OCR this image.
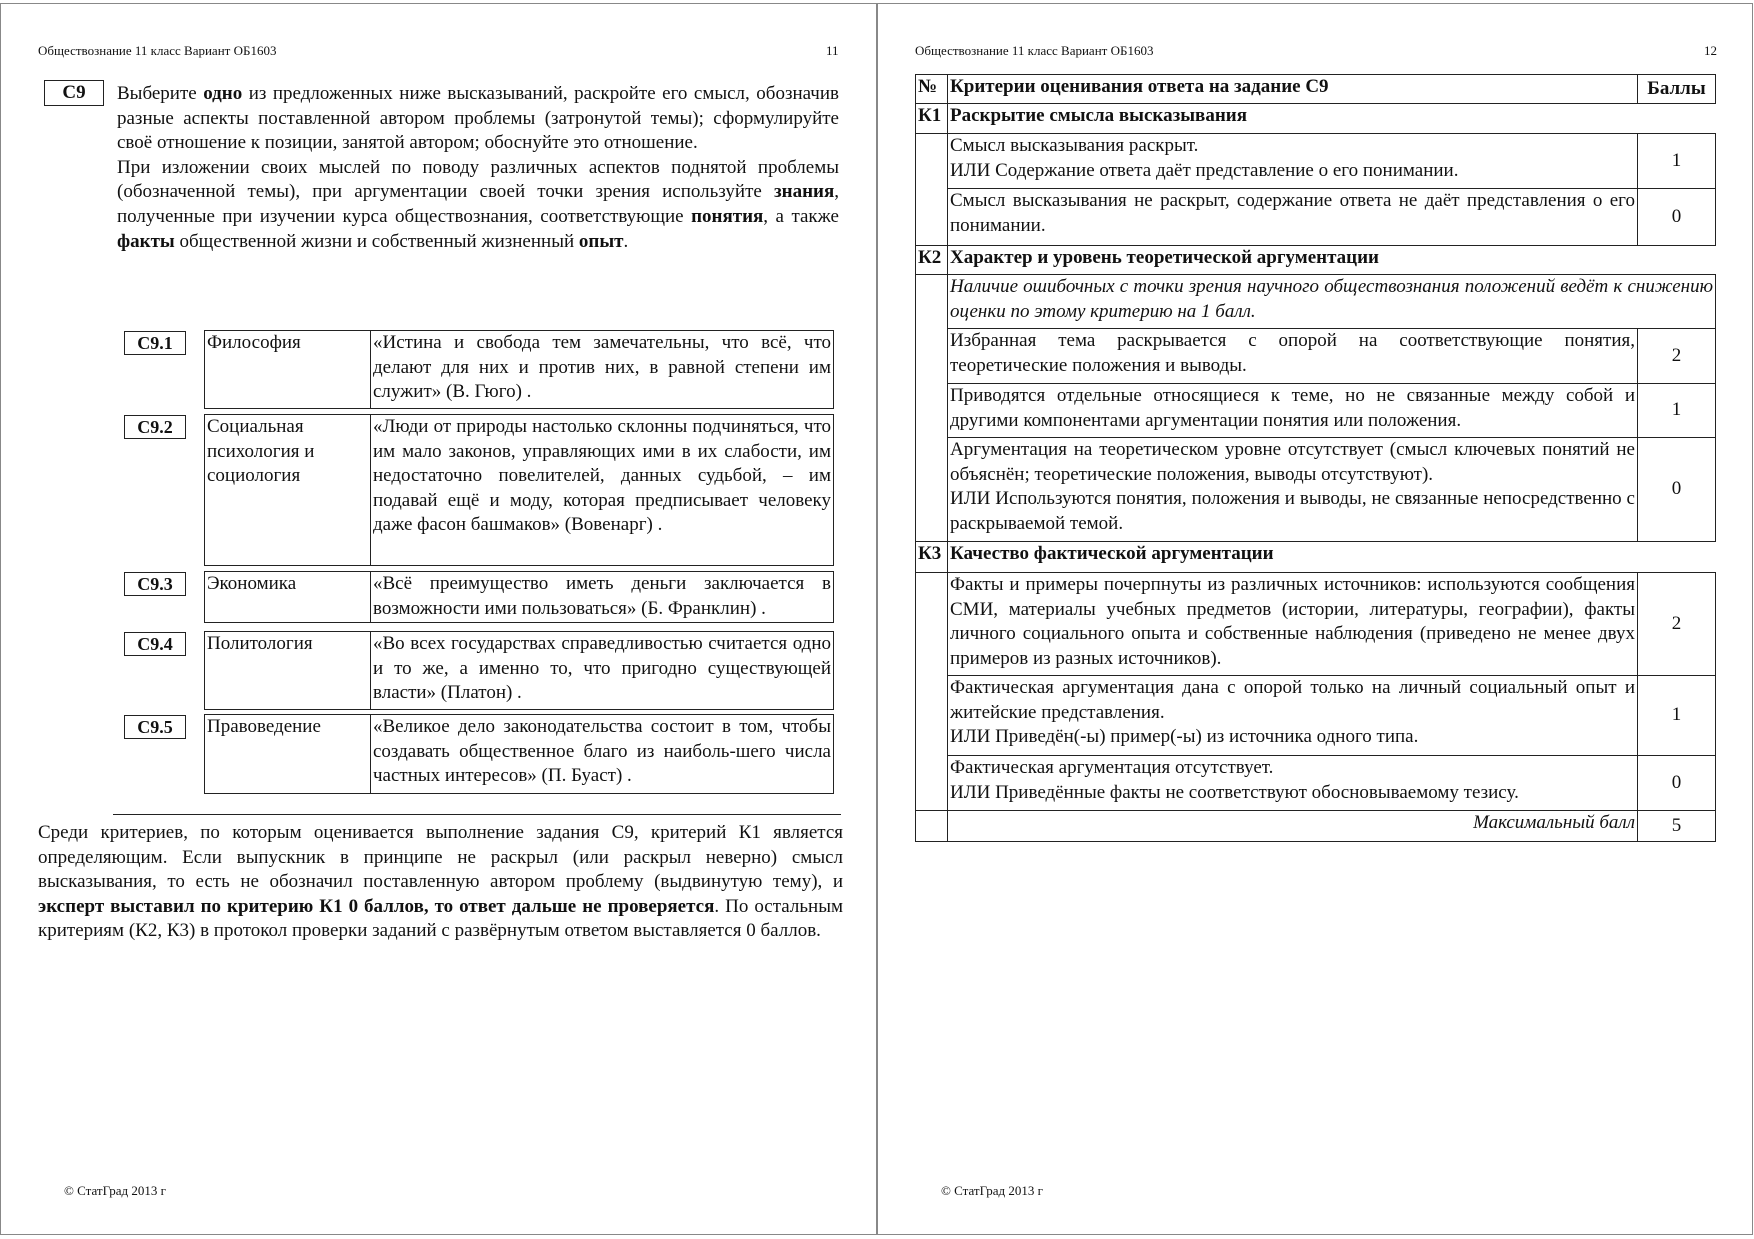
Обществознание 11 класс Вариант ОБ1603	11
С9	Выберите одно из предложенных ниже высказываний, раскройте его смысл, обозначив разные аспекты поставленной автором проблемы (затронутой темы); сформулируйте своё отношение к позиции, занятой автором; обоснуйте это отношение.

При изложении своих мыслей по поводу различных аспектов поднятой проблемы (обозначенной темы), при аргументации своей точки зрения используйте знания, полученные при изучении курса обществознания, соответствующие понятия, а также факты общественной жизни и собственный жизненный опыт.

С9.1	Философия	«Истина и свобода тем замечательны, что всё, что делают для них и против них, в равной степени им служит» (В. Гюго) .
С9.2	Социальная психология и социология	«Люди от природы настолько склонны подчиняться, что им мало законов, управляющих ими в их слабости, им недостаточно повелителей, данных судьбой, – им подавай ещё и моду, которая предписывает человеку даже фасон башмаков» (Вовенарг) .
С9.3	Экономика	«Всё преимущество иметь деньги заключается в возможности ими пользоваться» (Б. Франклин) .
С9.4	Политология	«Во всех государствах справедливостью считается одно и то же, а именно то, что пригодно существующей власти» (Платон) .
С9.5	Правоведение	«Великое дело законодательства состоит в том, чтобы создавать общественное благо из наиболь-шего числа частных интересов» (П. Буаст) .
Среди критериев, по которым оценивается выполнение задания С9, критерий К1 является определяющим. Если выпускник в принципе не раскрыл (или раскрыл неверно) смысл высказывания, то есть не обозначил поставленную автором проблему (выдвинутую тему), и эксперт выставил по критерию К1 0 баллов, то ответ дальше не проверяется. По остальным критериям (К2, К3) в протокол проверки заданий с развёрнутым ответом выставляется 0 баллов.
© СтатГрад 2013 г
Обществознание 11 класс Вариант ОБ1603	12
№	Критерии оценивания ответа на задание С9	Баллы
К1	Раскрытие смысла высказывания	
	Смысл высказывания раскрыт.
ИЛИ Содержание ответа даёт представление о его понимании.	1
	Смысл высказывания не раскрыт, содержание ответа не даёт представления о его понимании.	0
К2	Характер и уровень теоретической аргументации	
	Наличие ошибочных с точки зрения научного обществознания положений ведёт к снижению оценки по этому критерию на 1 балл.	
	Избранная тема раскрывается с опорой на соответствующие понятия, теоретические положения и выводы.	2
	Приводятся отдельные относящиеся к теме, но не связанные между собой и другими компонентами аргументации понятия или положения.	1
	Аргументация на теоретическом уровне отсутствует (смысл ключевых понятий не объяснён; теоретические положения, выводы отсутствуют).
ИЛИ Используются понятия, положения и выводы, не связанные непосредственно с раскрываемой темой.	0
К3	Качество фактической аргументации	
	Факты и примеры почерпнуты из различных источников: используются сообщения СМИ, материалы учебных предметов (истории, литературы, географии), факты личного социального опыта и собственные наблюдения (приведено не менее двух примеров из разных источников).	2
	Фактическая аргументация дана с опорой только на личный социальный опыт и житейские представления.
ИЛИ Приведён(-ы) пример(-ы) из источника одного типа.	1
	Фактическая аргументация отсутствует.
ИЛИ Приведённые факты не соответствуют обосновываемому тезису.	0
	Максимальный балл	5
© СтатГрад 2013 г
